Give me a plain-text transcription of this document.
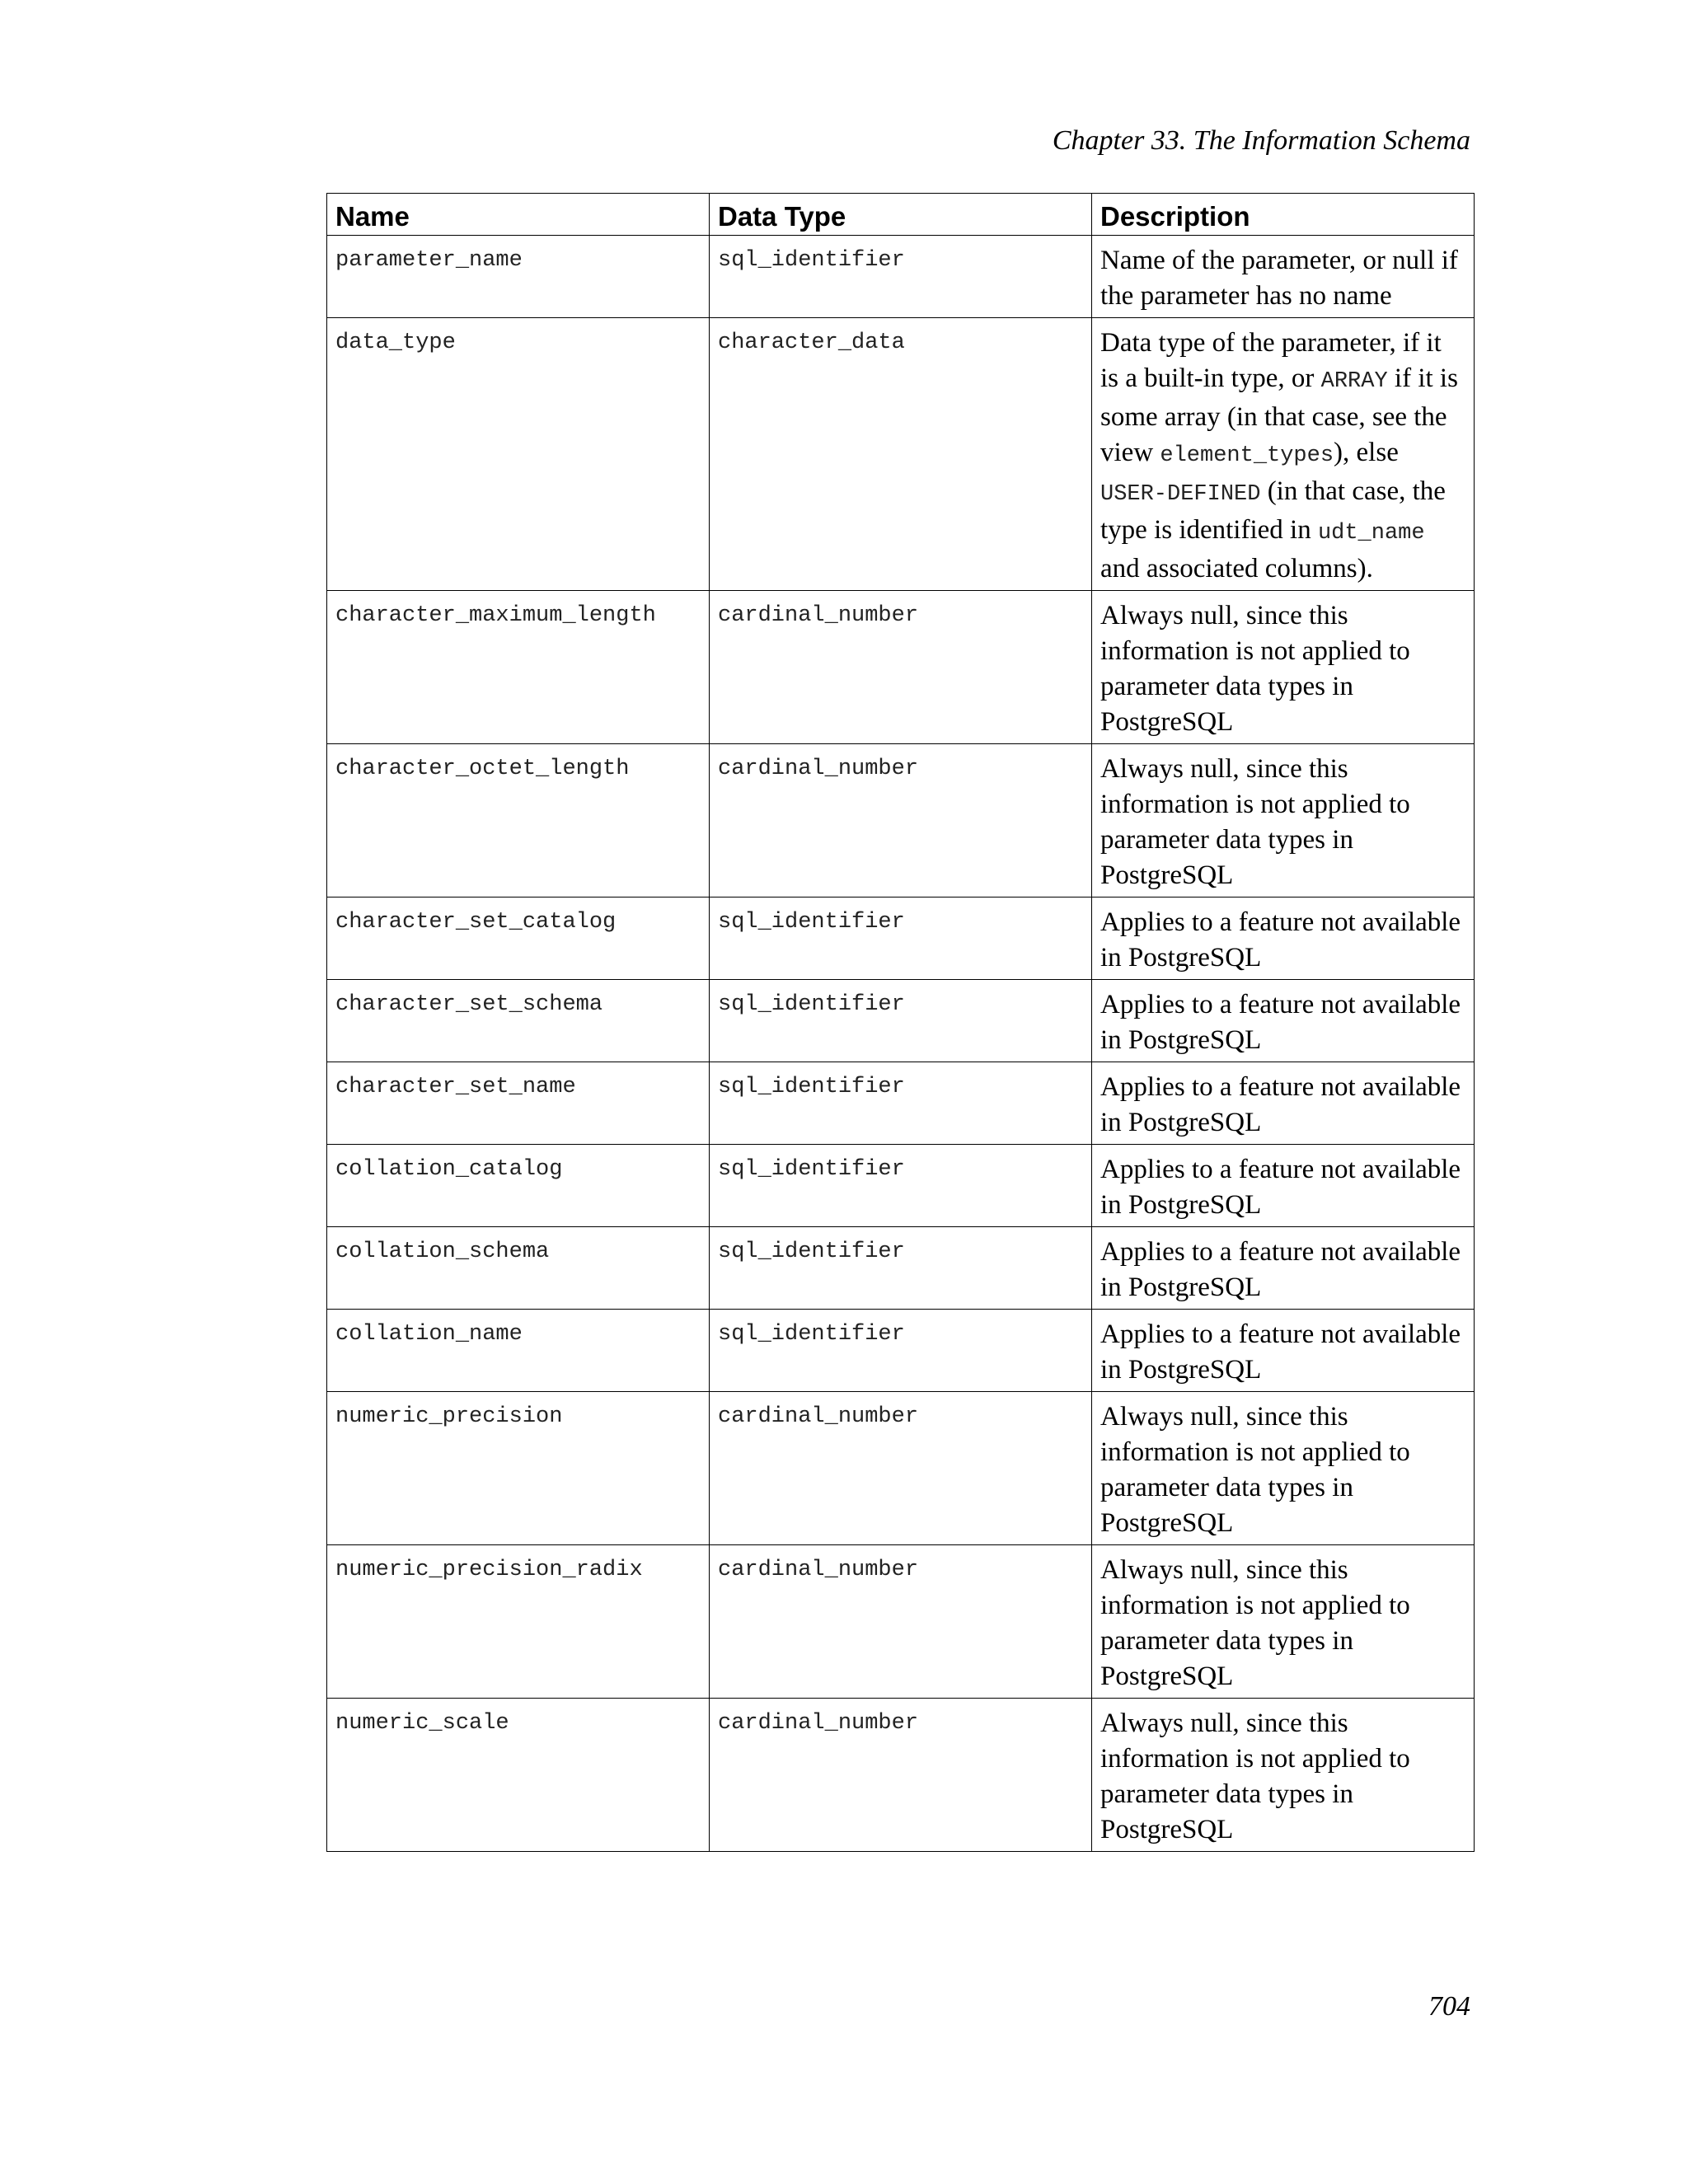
Chapter 33. The Information Schema
Name	Data Type	Description
parameter_name	sql_identifier	Name of the parameter, or null if the parameter has no name
data_type	character_data	Data type of the parameter, if it is a built-in type, or ARRAY if it is some array (in that case, see the view element_types), else USER-DEFINED (in that case, the type is identified in udt_name and associated columns).
character_maximum_length	cardinal_number	Always null, since this information is not applied to parameter data types in PostgreSQL
character_octet_length	cardinal_number	Always null, since this information is not applied to parameter data types in PostgreSQL
character_set_catalog	sql_identifier	Applies to a feature not available in PostgreSQL
character_set_schema	sql_identifier	Applies to a feature not available in PostgreSQL
character_set_name	sql_identifier	Applies to a feature not available in PostgreSQL
collation_catalog	sql_identifier	Applies to a feature not available in PostgreSQL
collation_schema	sql_identifier	Applies to a feature not available in PostgreSQL
collation_name	sql_identifier	Applies to a feature not available in PostgreSQL
numeric_precision	cardinal_number	Always null, since this information is not applied to parameter data types in PostgreSQL
numeric_precision_radix	cardinal_number	Always null, since this information is not applied to parameter data types in PostgreSQL
numeric_scale	cardinal_number	Always null, since this information is not applied to parameter data types in PostgreSQL
704
